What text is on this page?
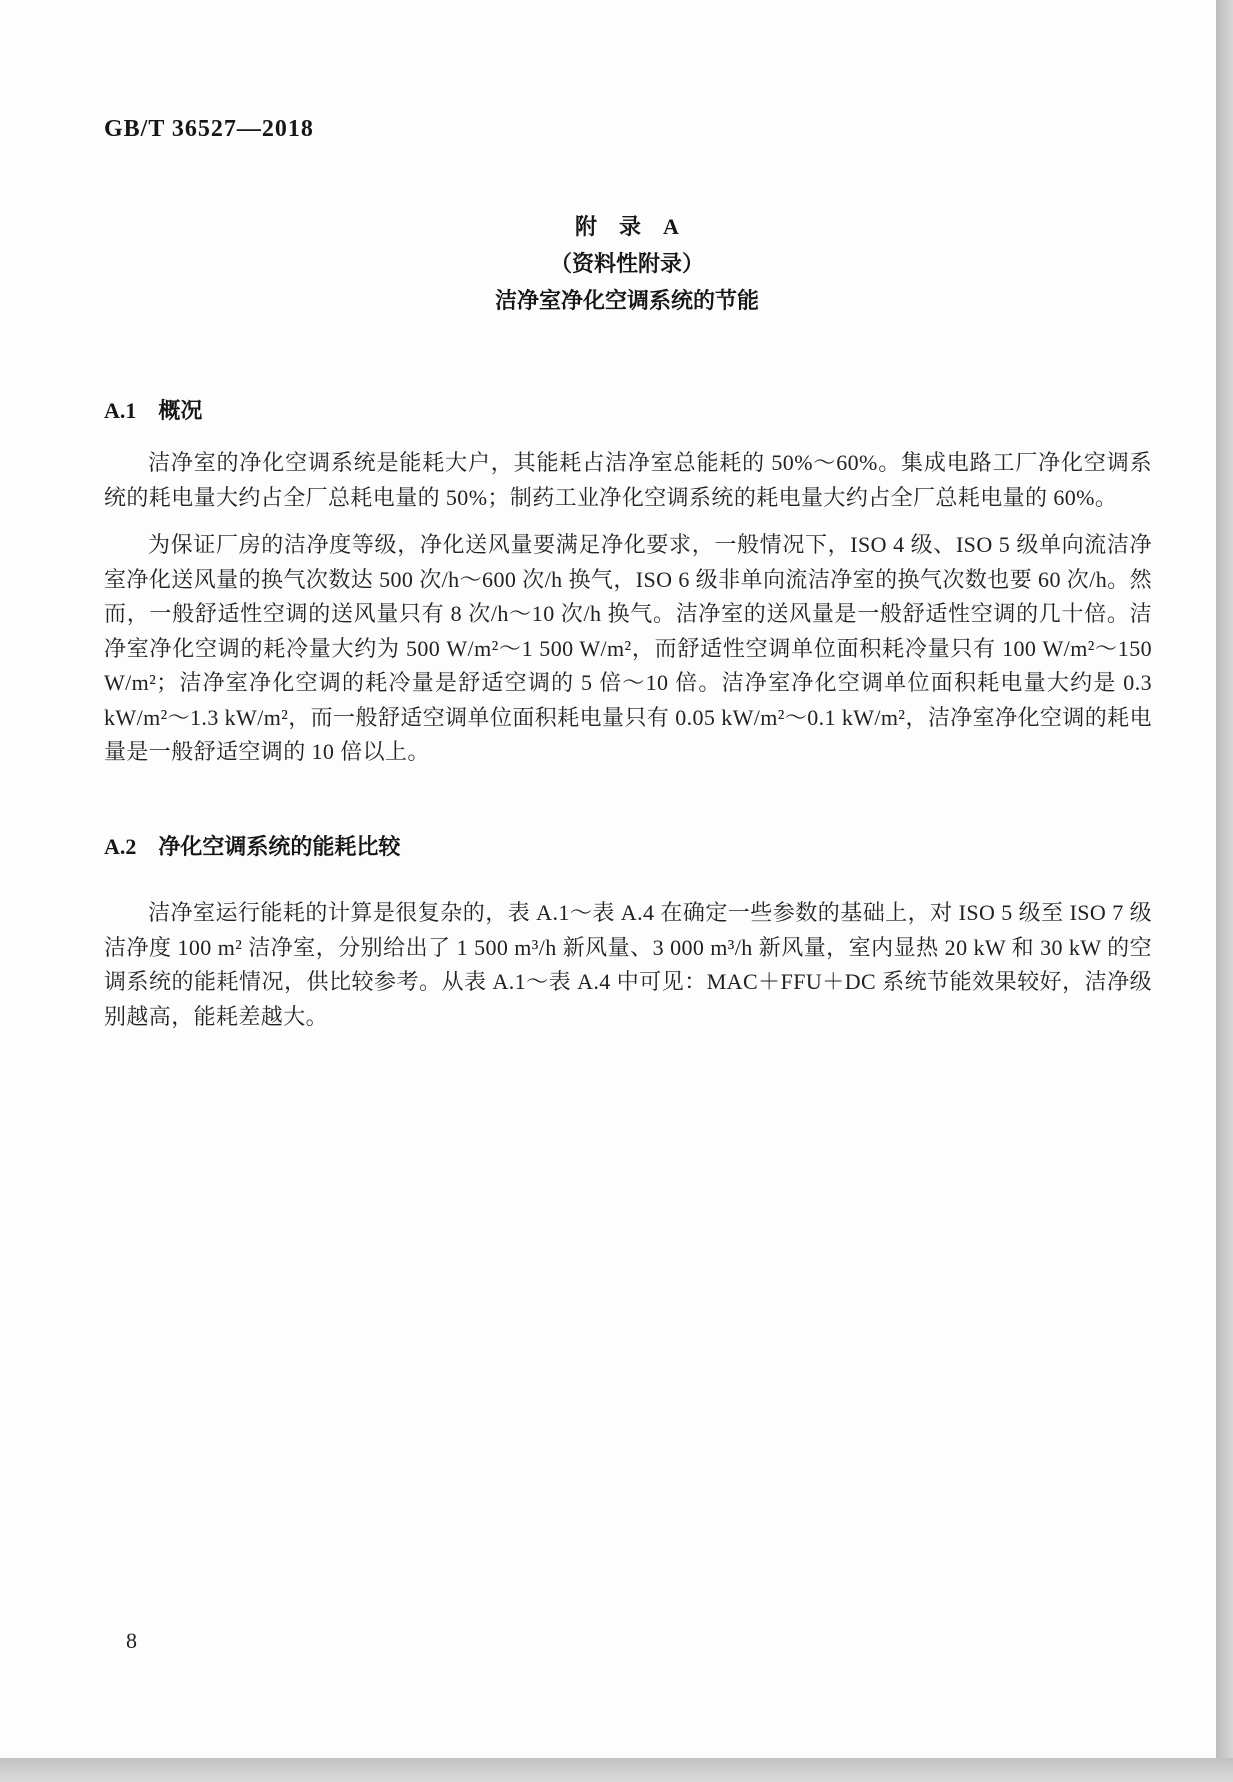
GB/T 36527—2018
附　录　A
（资料性附录）
洁净室净化空调系统的节能
A.1　概况

洁净室的净化空调系统是能耗大户，其能耗占洁净室总能耗的 50%～60%。集成电路工厂净化空调系统的耗电量大约占全厂总耗电量的 50%；制药工业净化空调系统的耗电量大约占全厂总耗电量的 60%。

为保证厂房的洁净度等级，净化送风量要满足净化要求，一般情况下，ISO 4 级、ISO 5 级单向流洁净室净化送风量的换气次数达 500 次/h～600 次/h 换气，ISO 6 级非单向流洁净室的换气次数也要 60 次/h。然而，一般舒适性空调的送风量只有 8 次/h～10 次/h 换气。洁净室的送风量是一般舒适性空调的几十倍。洁净室净化空调的耗冷量大约为 500 W/m²～1 500 W/m²，而舒适性空调单位面积耗冷量只有 100 W/m²～150 W/m²；洁净室净化空调的耗冷量是舒适空调的 5 倍～10 倍。洁净室净化空调单位面积耗电量大约是 0.3 kW/m²～1.3 kW/m²，而一般舒适空调单位面积耗电量只有 0.05 kW/m²～0.1 kW/m²，洁净室净化空调的耗电量是一般舒适空调的 10 倍以上。

A.2　净化空调系统的能耗比较

洁净室运行能耗的计算是很复杂的，表 A.1～表 A.4 在确定一些参数的基础上，对 ISO 5 级至 ISO 7 级洁净度 100 m² 洁净室，分别给出了 1 500 m³/h 新风量、3 000 m³/h 新风量，室内显热 20 kW 和 30 kW 的空调系统的能耗情况，供比较参考。从表 A.1～表 A.4 中可见：MAC＋FFU＋DC 系统节能效果较好，洁净级别越高，能耗差越大。

8
